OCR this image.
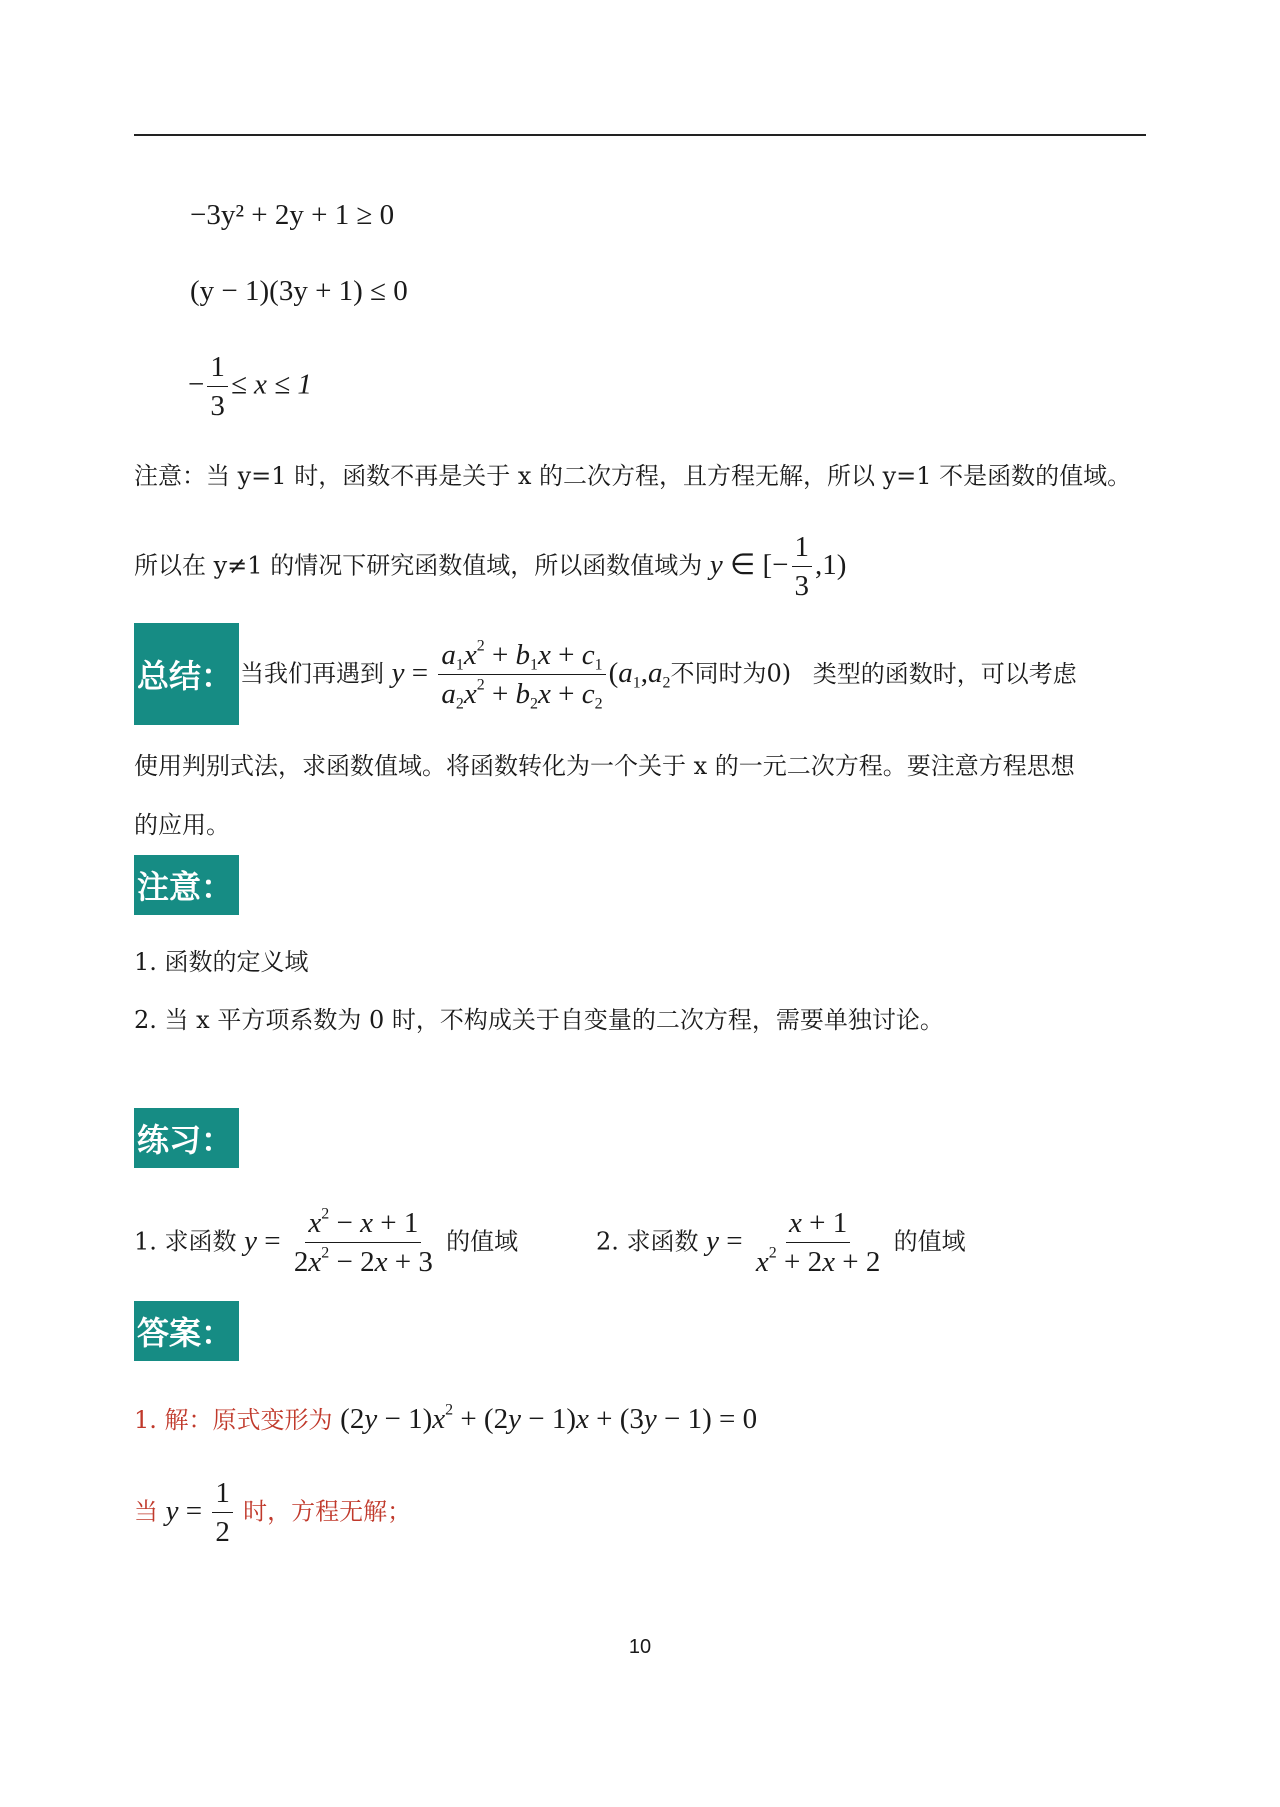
−3y² + 2y + 1 ≥ 0
(y − 1)(3y + 1) ≤ 0
− $\frac{1}{3} \le x \le 1$
注意：当 y=1 时，函数不再是关于 x 的二次方程，且方程无解，所以 y=1 不是函数的值域。
所以在 y≠1 的情况下研究函数值域，所以函数值域为 y ∈ [− $\frac{1}{3} ,1$)
总结： 当我们再遇到 $y = \frac{a_1x^2 + b_1x + c_1}{a_2x^2 + b_2x + c_2} (a_1,a_2$不同时为0) 类型的函数时，可以考虑
使用判别式法，求函数值域。将函数转化为一个关于 x 的一元二次方程。要注意方程思想
的应用。
注意：
1. 函数的定义域
2. 当 x 平方项系数为 0 时，不构成关于自变量的二次方程，需要单独讨论。
练习：
1. 求函数 $y = \frac{x^2 - x + 1}{2x^2 - 2x + 3}$ 的值域	2. 求函数 $y = \frac{x + 1}{x^2 + 2x + 2}$ 的值域
答案：
1. 解：原式变形为 $(2y - 1)x^2 + (2y - 1)x + (3y - 1) = 0$
当 $y = \frac{1}{2}$ 时，方程无解；
10
